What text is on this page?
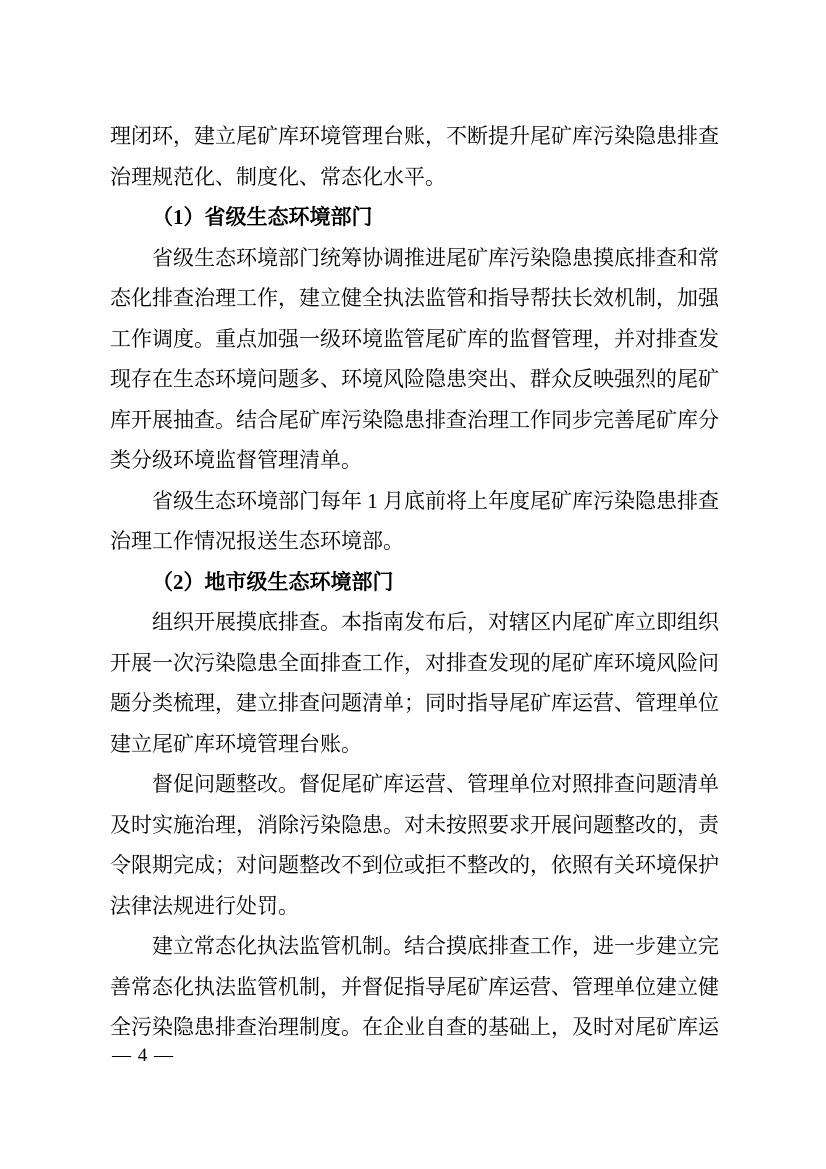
理闭环，建立尾矿库环境管理台账，不断提升尾矿库污染隐患排查治理规范化、制度化、常态化水平。

（1）省级生态环境部门

省级生态环境部门统筹协调推进尾矿库污染隐患摸底排查和常态化排查治理工作，建立健全执法监管和指导帮扶长效机制，加强工作调度。重点加强一级环境监管尾矿库的监督管理，并对排查发现存在生态环境问题多、环境风险隐患突出、群众反映强烈的尾矿库开展抽查。结合尾矿库污染隐患排查治理工作同步完善尾矿库分类分级环境监督管理清单。

省级生态环境部门每年 1 月底前将上年度尾矿库污染隐患排查治理工作情况报送生态环境部。

（2）地市级生态环境部门

组织开展摸底排查。本指南发布后，对辖区内尾矿库立即组织开展一次污染隐患全面排查工作，对排查发现的尾矿库环境风险问题分类梳理，建立排查问题清单；同时指导尾矿库运营、管理单位建立尾矿库环境管理台账。

督促问题整改。督促尾矿库运营、管理单位对照排查问题清单及时实施治理，消除污染隐患。对未按照要求开展问题整改的，责令限期完成；对问题整改不到位或拒不整改的，依照有关环境保护法律法规进行处罚。

建立常态化执法监管机制。结合摸底排查工作，进一步建立完善常态化执法监管机制，并督促指导尾矿库运营、管理单位建立健全污染隐患排查治理制度。在企业自查的基础上，及时对尾矿库运

— 4 —
